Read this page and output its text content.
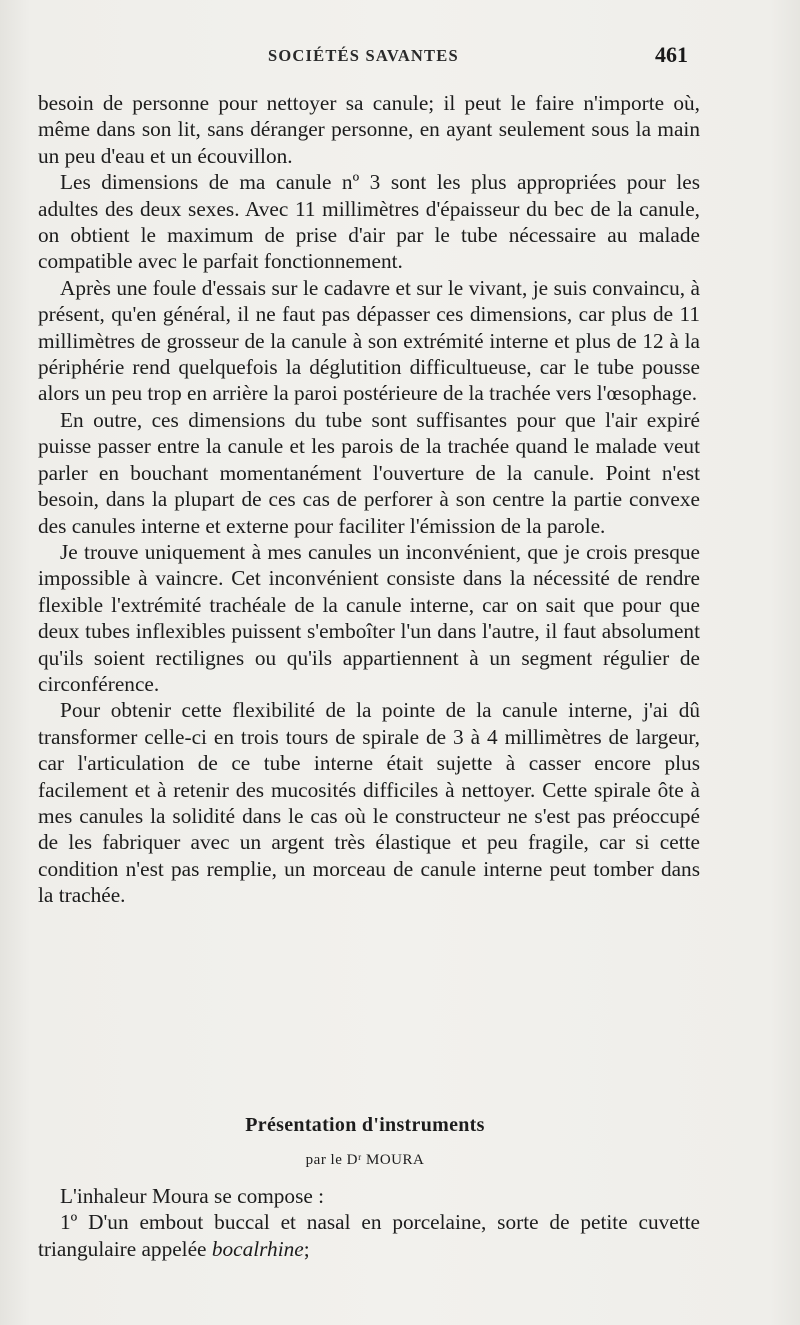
SOCIÉTÉS SAVANTES	461

besoin de personne pour nettoyer sa canule; il peut le faire n'importe où, même dans son lit, sans déranger personne, en ayant seulement sous la main un peu d'eau et un écouvillon.

Les dimensions de ma canule nº 3 sont les plus appropriées pour les adultes des deux sexes. Avec 11 millimètres d'épaisseur du bec de la canule, on obtient le maximum de prise d'air par le tube nécessaire au malade compatible avec le parfait fonctionnement.

Après une foule d'essais sur le cadavre et sur le vivant, je suis convaincu, à présent, qu'en général, il ne faut pas dépasser ces dimensions, car plus de 11 millimètres de grosseur de la canule à son extrémité interne et plus de 12 à la périphérie rend quelquefois la déglutition difficultueuse, car le tube pousse alors un peu trop en arrière la paroi postérieure de la trachée vers l'œsophage.

En outre, ces dimensions du tube sont suffisantes pour que l'air expiré puisse passer entre la canule et les parois de la trachée quand le malade veut parler en bouchant momentanément l'ouverture de la canule. Point n'est besoin, dans la plupart de ces cas de perforer à son centre la partie convexe des canules interne et externe pour faciliter l'émission de la parole.

Je trouve uniquement à mes canules un inconvénient, que je crois presque impossible à vaincre. Cet inconvénient consiste dans la nécessité de rendre flexible l'extrémité trachéale de la canule interne, car on sait que pour que deux tubes inflexibles puissent s'emboîter l'un dans l'autre, il faut absolument qu'ils soient rectilignes ou qu'ils appartiennent à un segment régulier de circonférence.

Pour obtenir cette flexibilité de la pointe de la canule interne, j'ai dû transformer celle-ci en trois tours de spirale de 3 à 4 millimètres de largeur, car l'articulation de ce tube interne était sujette à casser encore plus facilement et à retenir des mucosités difficiles à nettoyer. Cette spirale ôte à mes canules la solidité dans le cas où le constructeur ne s'est pas préoccupé de les fabriquer avec un argent très élastique et peu fragile, car si cette condition n'est pas remplie, un morceau de canule interne peut tomber dans la trachée.

Présentation d'instruments
par le Dʳ MOURA

L'inhaleur Moura se compose :

1º D'un embout buccal et nasal en porcelaine, sorte de petite cuvette triangulaire appelée bocalrhine;
